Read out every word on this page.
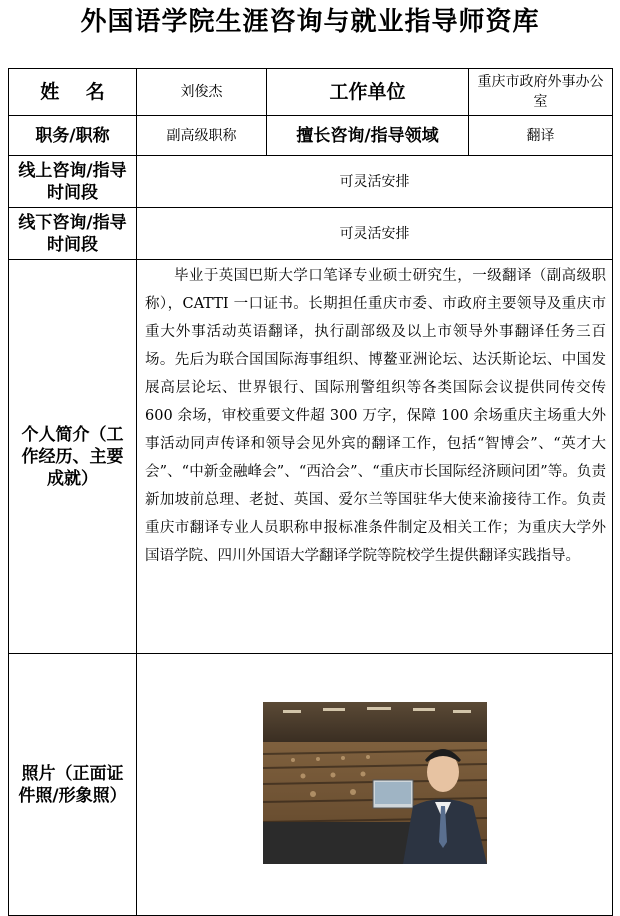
外国语学院生涯咨询与就业指导师资库
姓    名	刘俊杰	工作单位	重庆市政府外事办公室

职务/职称	副高级职称	擅长咨询/指导领域	翻译

线上咨询/指导时间段	可灵活安排		

线下咨询/指导时间段	可灵活安排		

个人简介（工作经历、主要成就）	毕业于英国巴斯大学口笔译专业硕士研究生，一级翻译（副高级职称），CATTI 一口证书。长期担任重庆市委、市政府主要领导及重庆市重大外事活动英语翻译，执行副部级及以上市领导外事翻译任务三百场。先后为联合国国际海事组织、博鳌亚洲论坛、达沃斯论坛、中国发展高层论坛、世界银行、国际刑警组织等各类国际会议提供同传交传 600 余场，审校重要文件超 300 万字，保障 100 余场重庆主场重大外事活动同声传译和领导会见外宾的翻译工作，包括“智博会”、“英才大会”、“中新金融峰会”、“西洽会”、“重庆市长国际经济顾问团”等。负责新加坡前总理、老挝、英国、爱尔兰等国驻华大使来渝接待工作。负责重庆市翻译专业人员职称申报标准条件制定及相关工作；为重庆大学外国语学院、四川外国语大学翻译学院等院校学生提供翻译实践指导。		

照片（正面证件照/形象照）
